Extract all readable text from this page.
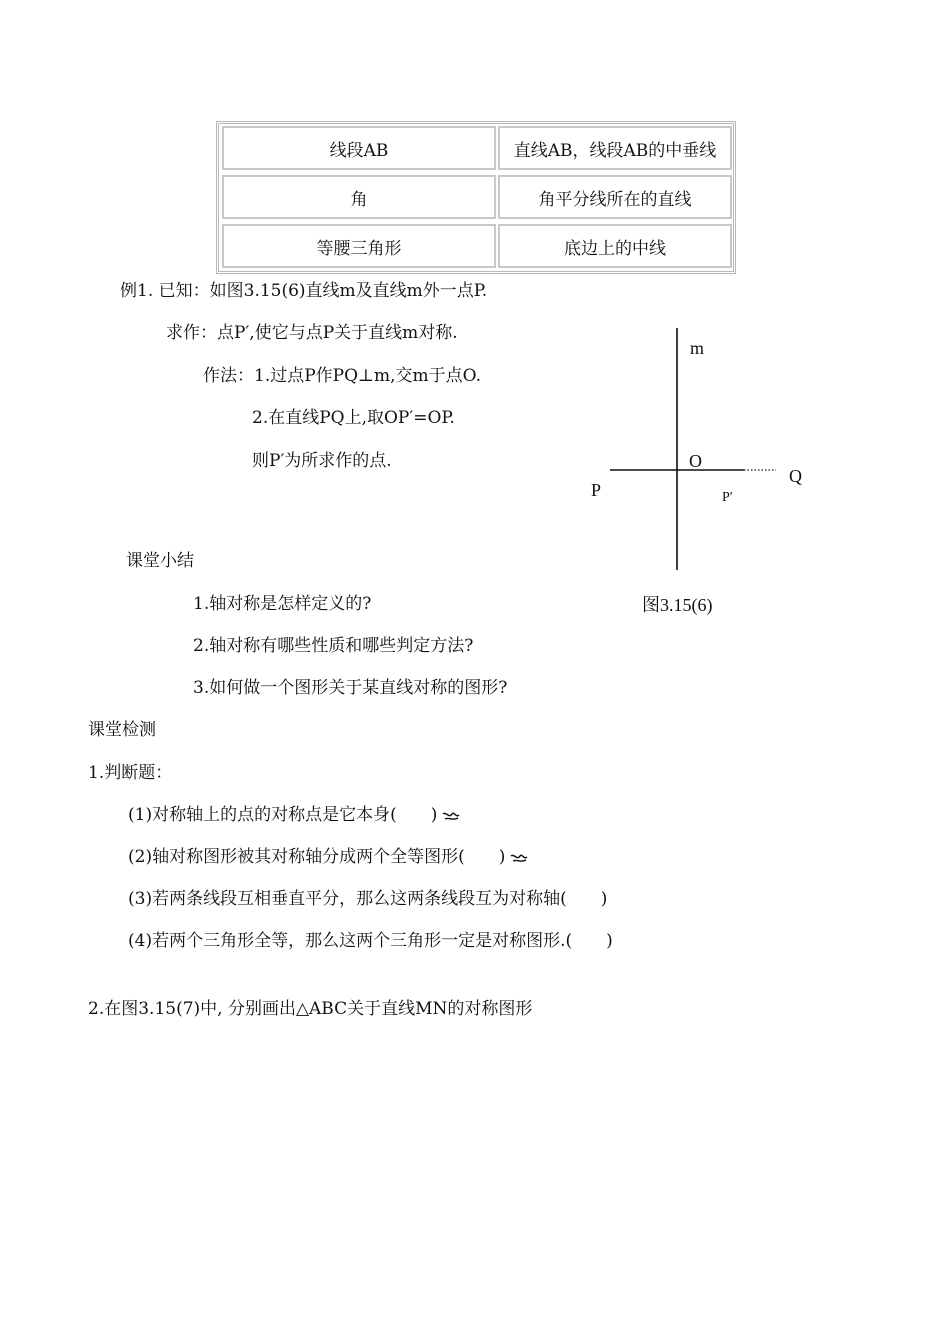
线段AB	直线AB，线段AB的中垂线
角	角平分线所在的直线
等腰三角形	底边上的中线
例1. 已知：如图3.15(6)直线m及直线m外一点P.
求作：点P′,使它与点P关于直线m对称.
作法：1.过点P作PQ⊥m,交m于点O.
2.在直线PQ上,取OP′=OP.
则P′为所求作的点.
m
O
P
Q
P′
图3.15(6)
课堂小结
1.轴对称是怎样定义的?
2.轴对称有哪些性质和哪些判定方法?
3.如何做一个图形关于某直线对称的图形?
课堂检测
1.判断题：
(1)对称轴上的点的对称点是它本身(　　)
(2)轴对称图形被其对称轴分成两个全等图形(　　)
(3)若两条线段互相垂直平分，那么这两条线段互为对称轴(　　)
(4)若两个三角形全等，那么这两个三角形一定是对称图形.(　　)
2.在图3.15(7)中, 分别画出△ABC关于直线MN的对称图形
